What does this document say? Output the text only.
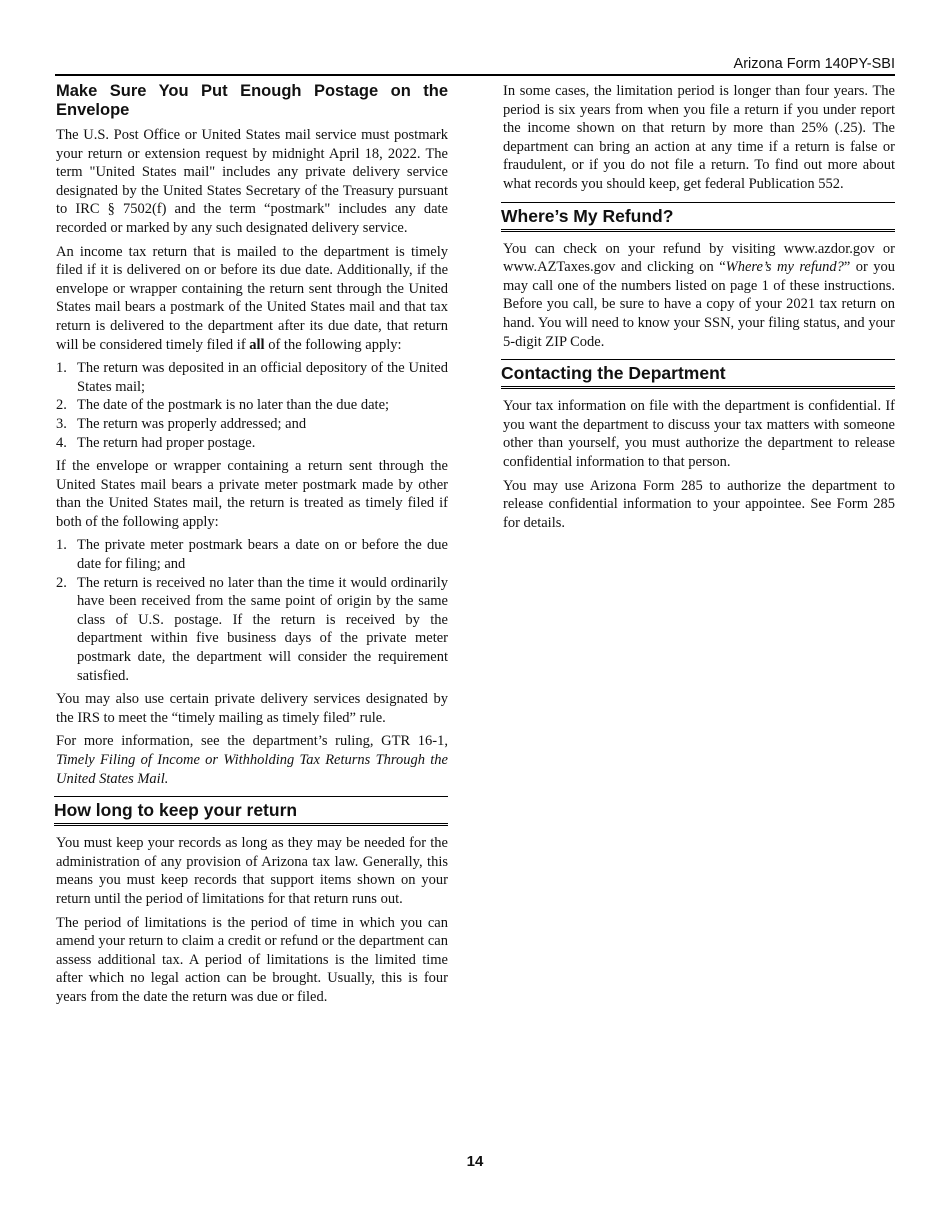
Arizona Form 140PY-SBI
Make Sure You Put Enough Postage on the Envelope

The U.S. Post Office or United States mail service must postmark your return or extension request by midnight April 18, 2022. The term "United States mail" includes any private delivery service designated by the United States Secretary of the Treasury pursuant to IRC § 7502(f) and the term “postmark" includes any date recorded or marked by any such designated delivery service.

An income tax return that is mailed to the department is timely filed if it is delivered on or before its due date. Additionally, if the envelope or wrapper containing the return sent through the United States mail bears a postmark of the United States mail and that tax return is delivered to the department after its due date, that return will be considered timely filed if all of the following apply:

1. The return was deposited in an official depository of the United States mail;
2. The date of the postmark is no later than the due date;
3. The return was properly addressed; and
4. The return had proper postage.

If the envelope or wrapper containing a return sent through the United States mail bears a private meter postmark made by other than the United States mail, the return is treated as timely filed if both of the following apply:

1. The private meter postmark bears a date on or before the due date for filing; and
2. The return is received no later than the time it would ordinarily have been received from the same point of origin by the same class of U.S. postage. If the return is received by the department within five business days of the private meter postmark date, the department will consider the requirement satisfied.

You may also use certain private delivery services designated by the IRS to meet the “timely mailing as timely filed” rule.

For more information, see the department’s ruling, GTR 16-1, Timely Filing of Income or Withholding Tax Returns Through the United States Mail.

How long to keep your return

You must keep your records as long as they may be needed for the administration of any provision of Arizona tax law. Generally, this means you must keep records that support items shown on your return until the period of limitations for that return runs out.

The period of limitations is the period of time in which you can amend your return to claim a credit or refund or the department can assess additional tax. A period of limitations is the limited time after which no legal action can be brought. Usually, this is four years from the date the return was due or filed.

In some cases, the limitation period is longer than four years. The period is six years from when you file a return if you under report the income shown on that return by more than 25% (.25). The department can bring an action at any time if a return is false or fraudulent, or if you do not file a return. To find out more about what records you should keep, get federal Publication 552.

Where’s My Refund?

You can check on your refund by visiting www.azdor.gov or www.AZTaxes.gov and clicking on “Where’s my refund?” or you may call one of the numbers listed on page 1 of these instructions. Before you call, be sure to have a copy of your 2021 tax return on hand. You will need to know your SSN, your filing status, and your 5-digit ZIP Code.

Contacting the Department

Your tax information on file with the department is confidential. If you want the department to discuss your tax matters with someone other than yourself, you must authorize the department to release confidential information to that person.

You may use Arizona Form 285 to authorize the department to release confidential information to your appointee. See Form 285 for details.

14
